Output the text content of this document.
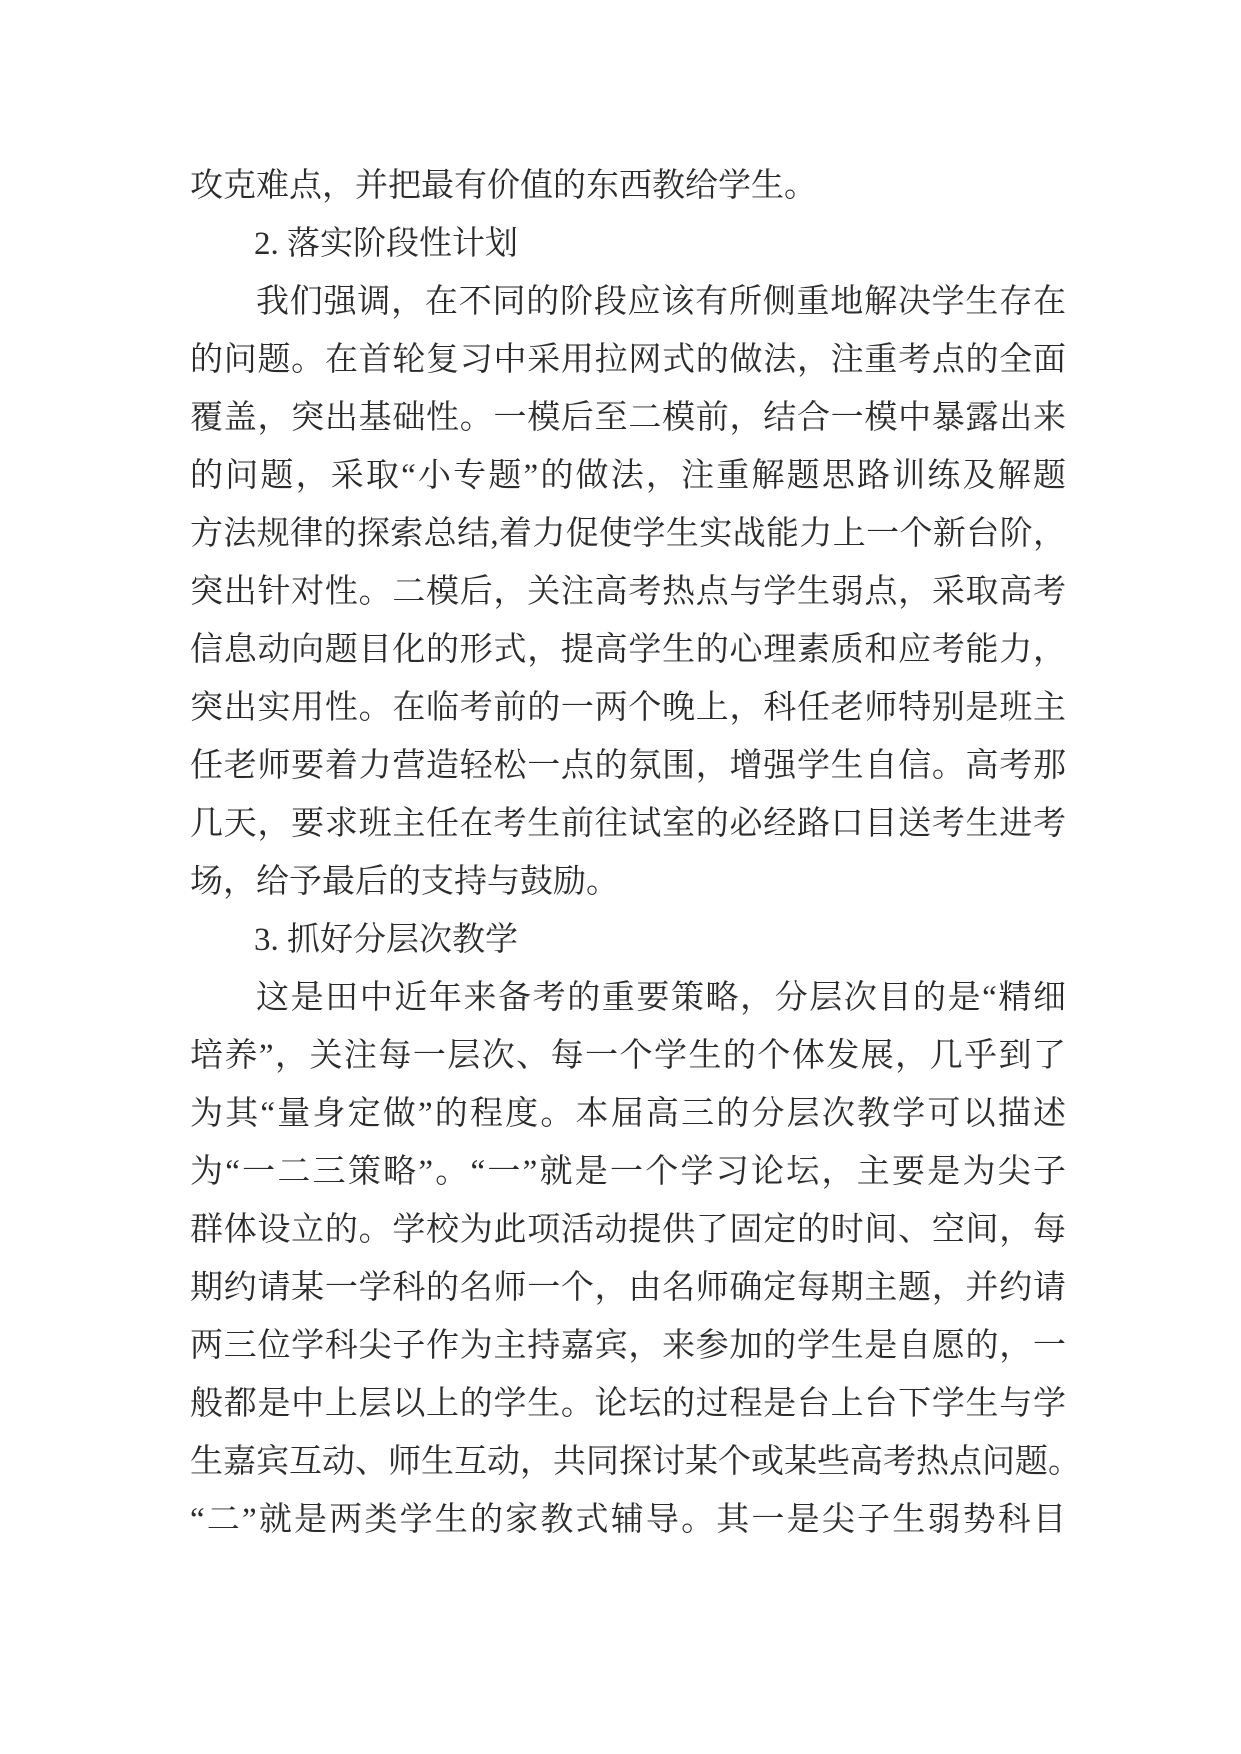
攻克难点，并把最有价值的东西教给学生。

2. 落实阶段性计划

我们强调，在不同的阶段应该有所侧重地解决学生存在
的问题。在首轮复习中采用拉网式的做法，注重考点的全面
覆盖，突出基础性。一模后至二模前，结合一模中暴露出来
的问题，采取“小专题”的做法，注重解题思路训练及解题
方法规律的探索总结,着力促使学生实战能力上一个新台阶，
突出针对性。二模后，关注高考热点与学生弱点，采取高考
信息动向题目化的形式，提高学生的心理素质和应考能力，
突出实用性。在临考前的一两个晚上，科任老师特别是班主
任老师要着力营造轻松一点的氛围，增强学生自信。高考那
几天，要求班主任在考生前往试室的必经路口目送考生进考
场，给予最后的支持与鼓励。

3. 抓好分层次教学

这是田中近年来备考的重要策略，分层次目的是“精细
培养”，关注每一层次、每一个学生的个体发展，几乎到了
为其“量身定做”的程度。本届高三的分层次教学可以描述
为“一二三策略”。“一”就是一个学习论坛，主要是为尖子
群体设立的。学校为此项活动提供了固定的时间、空间，每
期约请某一学科的名师一个，由名师确定每期主题，并约请
两三位学科尖子作为主持嘉宾，来参加的学生是自愿的，一
般都是中上层以上的学生。论坛的过程是台上台下学生与学
生嘉宾互动、师生互动，共同探讨某个或某些高考热点问题。
“二”就是两类学生的家教式辅导。其一是尖子生弱势科目
